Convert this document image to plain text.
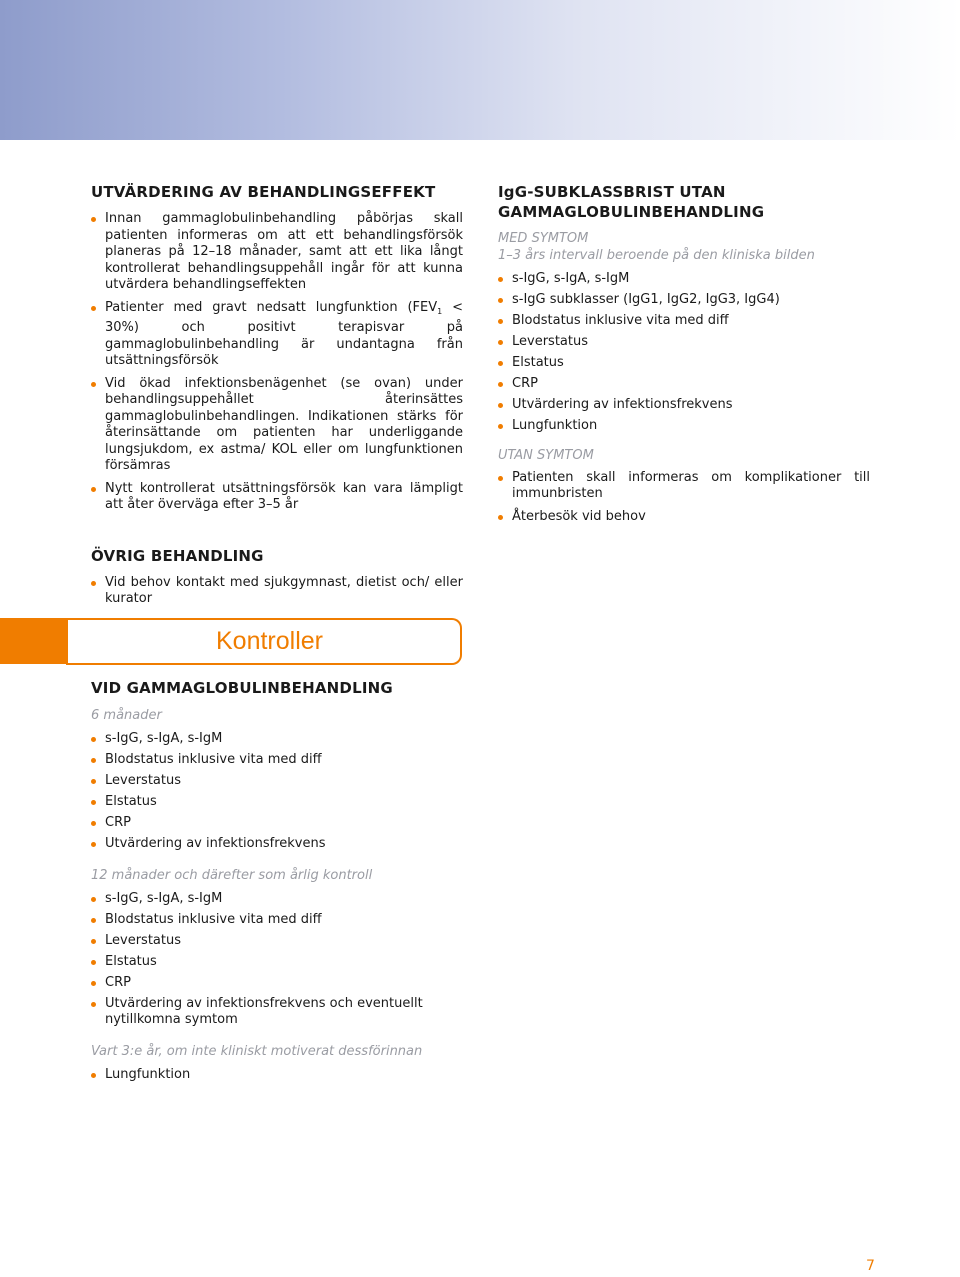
UTVÄRDERING AV BEHANDLINGSEFFEKT
Innan gammaglobulinbehandling påbörjas skall patienten informeras om att ett behandlingsförsök planeras på 12–18 månader, samt att ett lika långt kontrollerat behandlingsuppehåll ingår för att kunna utvärdera behandlingseffekten
Patienter med gravt nedsatt lungfunktion $(FEV_1 < 30\%)$ och positivt terapisvar på gammaglobulinbehandling är undantagna från utsättningsförsök
Vid ökad infektionsbenägenhet (se ovan) under behandlingsuppehållet återinsättes gammaglobulinbehandlingen. Indikationen stärks för återinsättande om patienten har underliggande lungsjukdom, ex astma/ KOL eller om lungfunktionen försämras
Nytt kontrollerat utsättningsförsök kan vara lämpligt att åter överväga efter 3–5 år
ÖVRIG BEHANDLING
Vid behov kontakt med sjukgymnast, dietist och/ eller kurator
IgG-SUBKLASSBRIST UTAN
GAMMAGLOBULINBEHANDLING

MED SYMTOM

1–3 års intervall beroende på den kliniska bilden

s-IgG, s-IgA, s-IgM
s-IgG subklasser (IgG1, IgG2, IgG3, IgG4)
Blodstatus inklusive vita med diff
Leverstatus
Elstatus
CRP
Utvärdering av infektionsfrekvens
Lungfunktion

UTAN SYMTOM

Patienten skall informeras om komplikationer till immunbristen
Återbesök vid behov
Kontroller
VID GAMMAGLOBULINBEHANDLING

6 månader

s-IgG, s-IgA, s-IgM
Blodstatus inklusive vita med diff
Leverstatus
Elstatus
CRP
Utvärdering av infektionsfrekvens

12 månader och därefter som årlig kontroll

s-IgG, s-IgA, s-IgM
Blodstatus inklusive vita med diff
Leverstatus
Elstatus
CRP
Utvärdering av infektionsfrekvens och eventuellt nytillkomna symtom

Vart 3:e år, om inte kliniskt motiverat dessförinnan

Lungfunktion
7
